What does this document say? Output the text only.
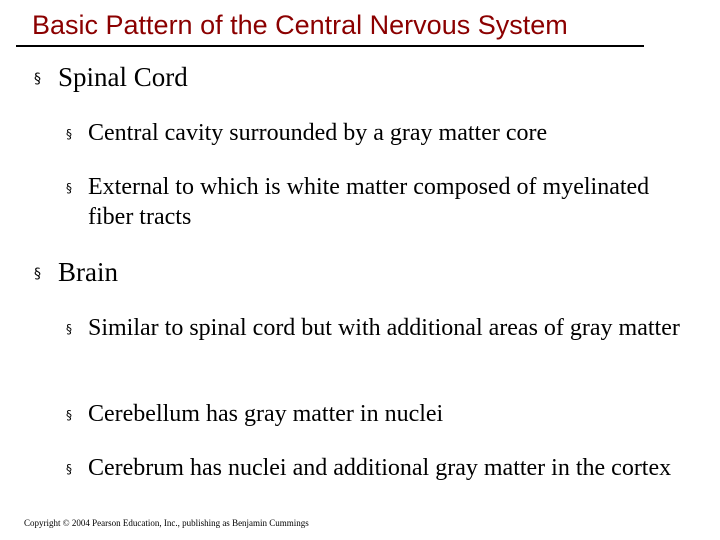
Basic Pattern of the Central Nervous System
§ Spinal Cord
§ Central cavity surrounded by a gray matter core
§ External to which is white matter composed of myelinated fiber tracts
§ Brain
§ Similar to spinal cord but with additional areas of gray matter
§ Cerebellum has gray matter in nuclei
§ Cerebrum has nuclei and additional gray matter in the cortex
Copyright © 2004 Pearson Education, Inc., publishing as Benjamin Cummings
